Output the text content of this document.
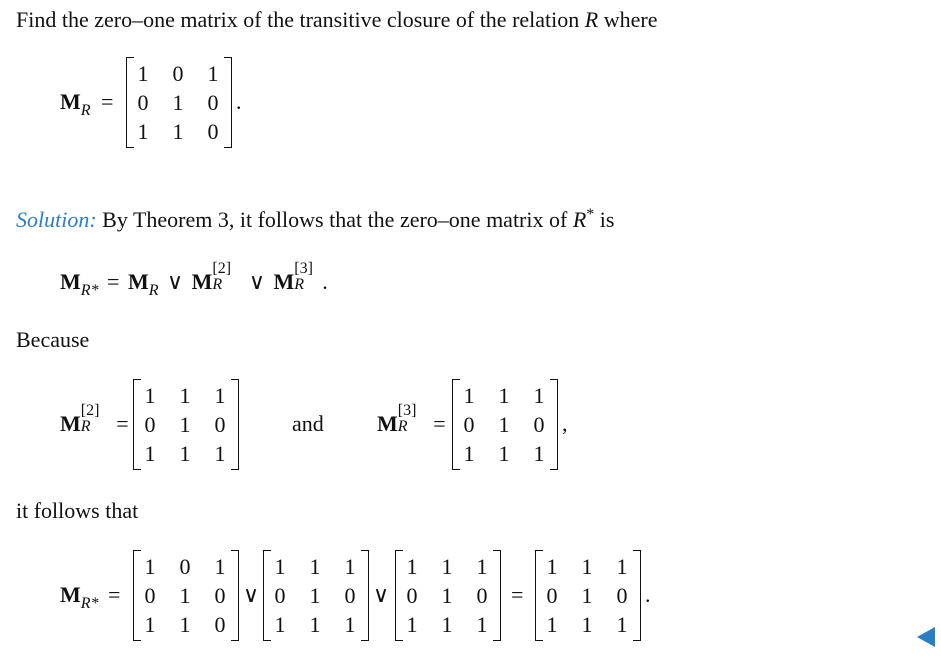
Find the zero–one matrix of the transitive closure of the relation R where
$M_R$ =
1	0	1
0	1	0
1	1	0
.
Solution: By Theorem 3, it follows that the zero–one matrix of R* is
$M_{R*} = M_R$ ∨ M
[2]
R ∨ M
[3]
R .
Because
M
[2]
R =
1	1	1
0	1	0
1	1	1
and M
[3]
R =
1	1	1
0	1	0
1	1	1
,
it follows that
$M_{R*}$ =
1	0	1
0	1	0
1	1	0
∨
1	1	1
0	1	0
1	1	1
∨
1	1	1
0	1	0
1	1	1
=
1	1	1
0	1	0
1	1	1
.
